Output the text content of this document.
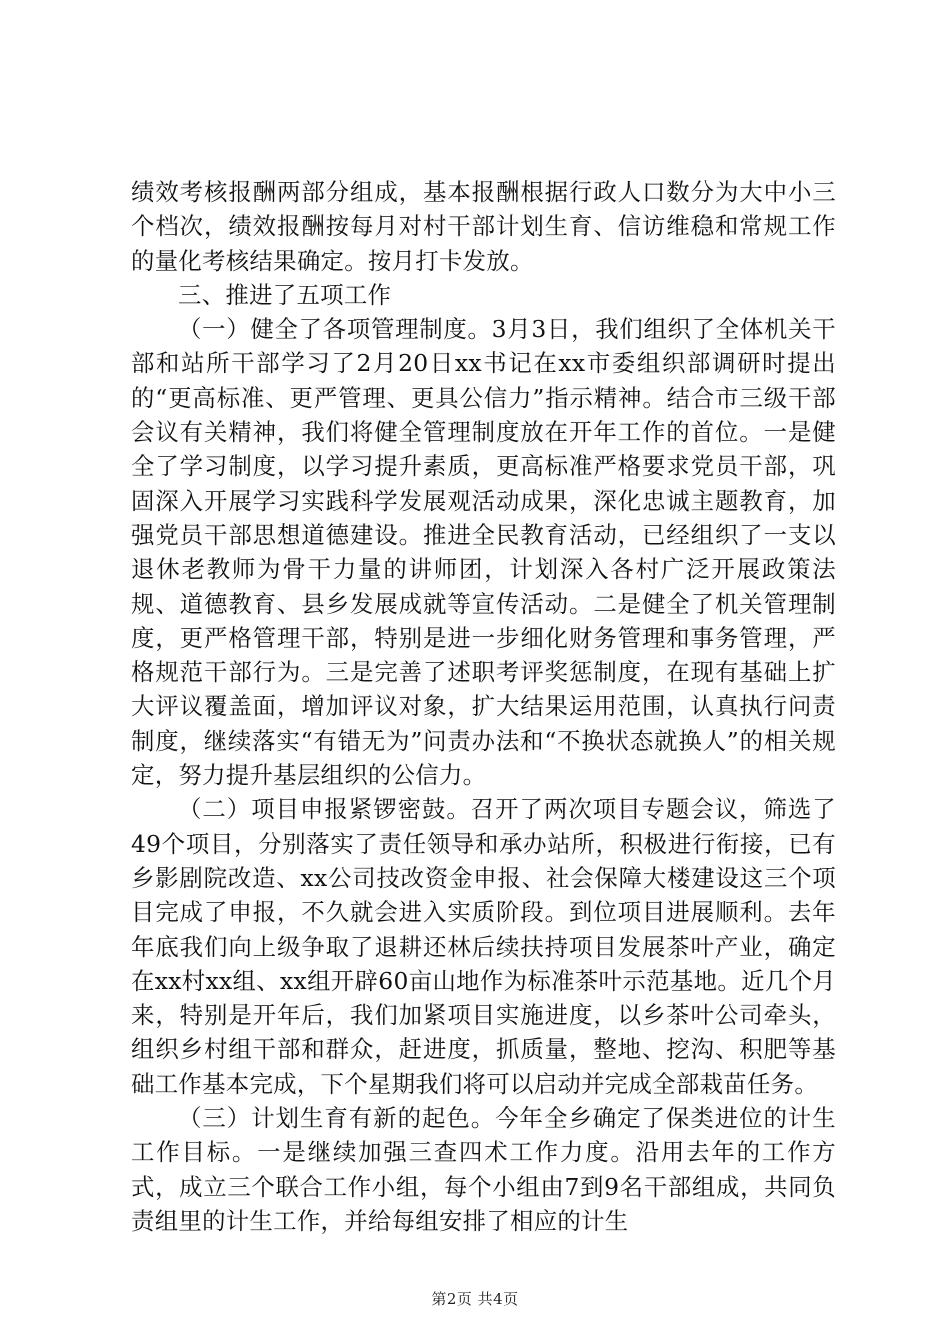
绩效考核报酬两部分组成，基本报酬根据行政人口数分为大中小三个档次，绩效报酬按每月对村干部计划生育、信访维稳和常规工作的量化考核结果确定。按月打卡发放。

三、推进了五项工作

（一）健全了各项管理制度。3月3日，我们组织了全体机关干部和站所干部学习了2月20日xx书记在xx市委组织部调研时提出的“更高标准、更严管理、更具公信力”指示精神。结合市三级干部会议有关精神，我们将健全管理制度放在开年工作的首位。一是健全了学习制度，以学习提升素质，更高标准严格要求党员干部，巩固深入开展学习实践科学发展观活动成果，深化忠诚主题教育，加强党员干部思想道德建设。推进全民教育活动，已经组织了一支以退休老教师为骨干力量的讲师团，计划深入各村广泛开展政策法规、道德教育、县乡发展成就等宣传活动。二是健全了机关管理制度，更严格管理干部，特别是进一步细化财务管理和事务管理，严格规范干部行为。三是完善了述职考评奖惩制度，在现有基础上扩大评议覆盖面，增加评议对象，扩大结果运用范围，认真执行问责制度，继续落实“有错无为”问责办法和“不换状态就换人”的相关规定，努力提升基层组织的公信力。

（二）项目申报紧锣密鼓。召开了两次项目专题会议，筛选了49个项目，分别落实了责任领导和承办站所，积极进行衔接，已有乡影剧院改造、xx公司技改资金申报、社会保障大楼建设这三个项目完成了申报，不久就会进入实质阶段。到位项目进展顺利。去年年底我们向上级争取了退耕还林后续扶持项目发展茶叶产业，确定在xx村xx组、xx组开辟60亩山地作为标准茶叶示范基地。近几个月来，特别是开年后，我们加紧项目实施进度，以乡茶叶公司牵头，组织乡村组干部和群众，赶进度，抓质量，整地、挖沟、积肥等基础工作基本完成，下个星期我们将可以启动并完成全部栽苗任务。

（三）计划生育有新的起色。今年全乡确定了保类进位的计生工作目标。一是继续加强三查四术工作力度。沿用去年的工作方式，成立三个联合工作小组，每个小组由7到9名干部组成，共同负责组里的计生工作，并给每组安排了相应的计生

第2页 共4页
